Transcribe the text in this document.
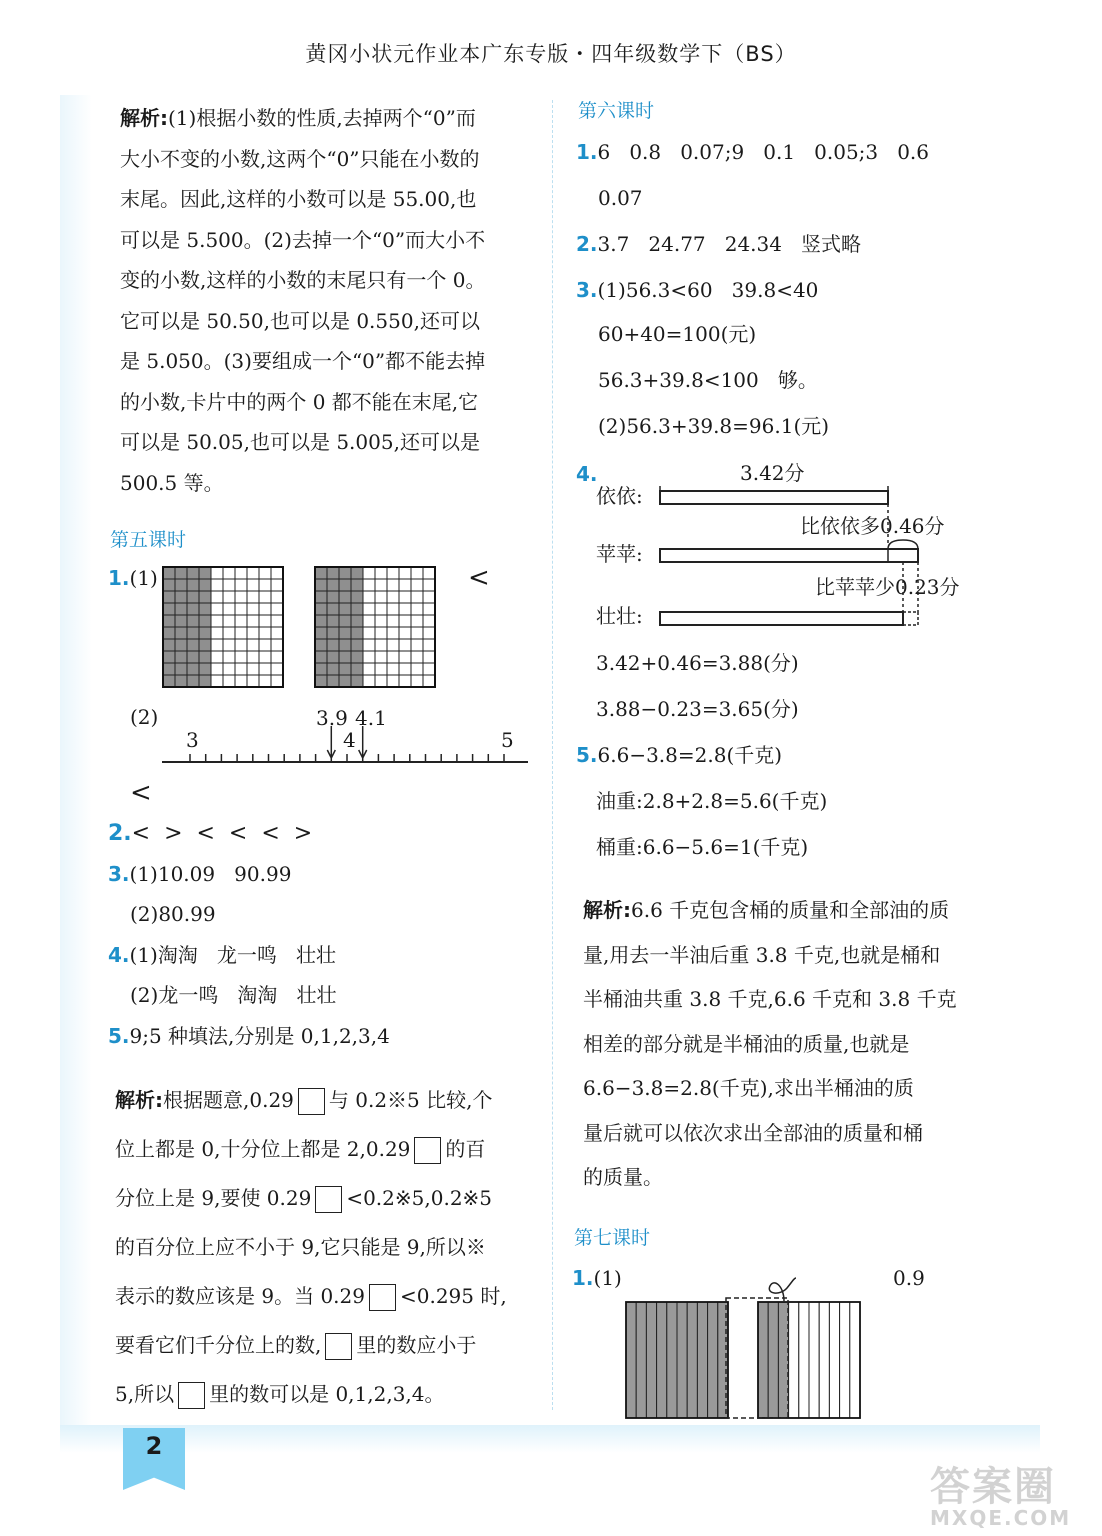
黄冈小状元作业本广东专版・四年级数学下（BS）
解析:(1)根据小数的性质,去掉两个“0”而
大小不变的小数,这两个“0”只能在小数的
末尾。因此,这样的小数可以是 55.00,也
可以是 5.500。(2)去掉一个“0”而大小不
变的小数,这样的小数的末尾只有一个 0。
它可以是 50.50,也可以是 0.550,还可以
是 5.050。(3)要组成一个“0”都不能去掉
的小数,卡片中的两个 0 都不能在末尾,它
可以是 50.05,也可以是 5.005,还可以是
500.5 等。
第五课时
1.(1)	<
(2)	3.9 4.1
3	4	5
<
2.<  >  <  <  <  >
3.(1)10.09   90.99
(2)80.99
4.(1)淘淘   龙一鸣   壮壮
(2)龙一鸣   淘淘   壮壮
5.9;5 种填法,分别是 0,1,2,3,4
解析:根据题意,0.29 与 0.2※5 比较,个
位上都是 0,十分位上都是 2,0.29 的百
分位上是 9,要使 0.29 <0.2※5,0.2※5
的百分位上应不小于 9,它只能是 9,所以※
表示的数应该是 9。当 0.29 <0.295 时,
要看它们千分位上的数, 里的数应小于
5,所以 里的数可以是 0,1,2,3,4。
第六课时
1.6   0.8   0.07;9   0.1   0.05;3   0.6
0.07
2.3.7   24.77   24.34   竖式略
3.(1)56.3<60   39.8<40
60+40=100(元)
56.3+39.8<100   够。
(2)56.3+39.8=96.1(元)
4.	3.42分
依依:
比依依多0.46分
苹苹:
比苹苹少0.23分
壮壮:
3.42+0.46=3.88(分)
3.88−0.23=3.65(分)
5.6.6−3.8=2.8(千克)
油重:2.8+2.8=5.6(千克)
桶重:6.6−5.6=1(千克)
解析:6.6 千克包含桶的质量和全部油的质
量,用去一半油后重 3.8 千克,也就是桶和
半桶油共重 3.8 千克,6.6 千克和 3.8 千克
相差的部分就是半桶油的质量,也就是
6.6−3.8=2.8(千克),求出半桶油的质
量后就可以依次求出全部油的质量和桶
的质量。
第七课时
1.(1)	0.9
2
答案圈
MXQE.COM
